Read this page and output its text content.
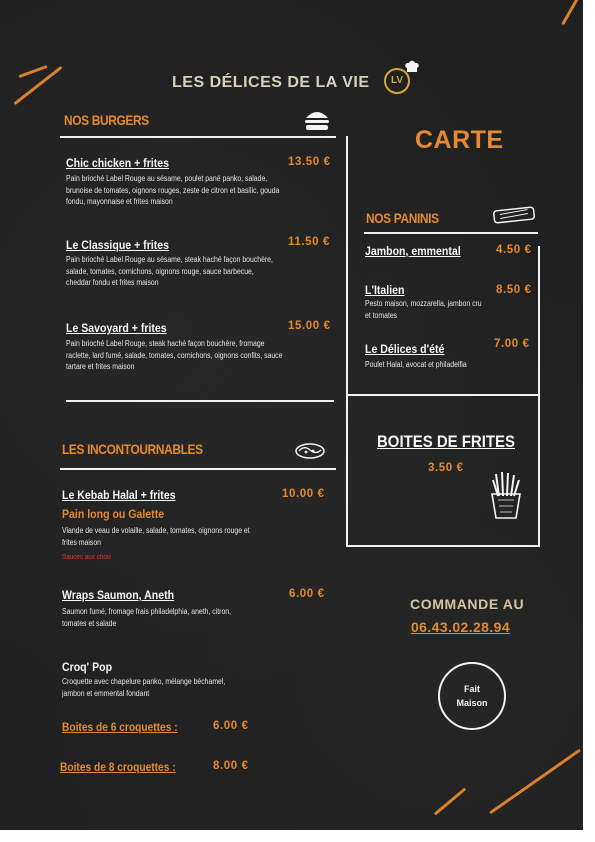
LES DÉLICES DE LA VIE	LV
NOS BURGERS
Chic chicken + frites	13.50 €
Pain brioché Label Rouge au sésame, poulet pané panko, salade, brunoise de tomates, oignons rouges, zeste de citron et basilic, gouda fondu, mayonnaise et frites maison
Le Classique + frites	11.50 €
Pain brioché Label Rouge au sésame, steak haché façon bouchère, salade, tomates, cornichons, oignons rouge, sauce barbecue, cheddar fondu et frites maison
Le Savoyard + frites	15.00 €
Pain brioché Label Rouge, steak haché façon bouchère, fromage raclette, lard fumé, salade, tomates, cornichons, oignons confits, sauce tartare et frites maison
LES INCONTOURNABLES
Le Kebab Halal + frites	10.00 €
Pain long ou Galette
Viande de veau de volaille, salade, tomates, oignons rouge et frites maison
Sauces aux choix
Wraps Saumon, Aneth	6.00 €
Saumon fumé, fromage frais philadelphia, aneth, citron, tomates et salade
Croq' Pop
Croquette avec chapelure panko, mélange béchamel, jambon et emmental fondant
Boites de 6 croquettes :	6.00 €
Boites de 8 croquettes :	8.00 €
CARTE
NOS PANINIS
Jambon, emmental	4.50 €
L'Italien	8.50 €
Pesto maison, mozzarella, jambon cru et tomates
Le Délices d'été	7.00 €
Poulet Halal, avocat et philadelfia
BOITES DE FRITES
3.50 €
COMMANDE AU
06.43.02.28.94
Fait
Maison
